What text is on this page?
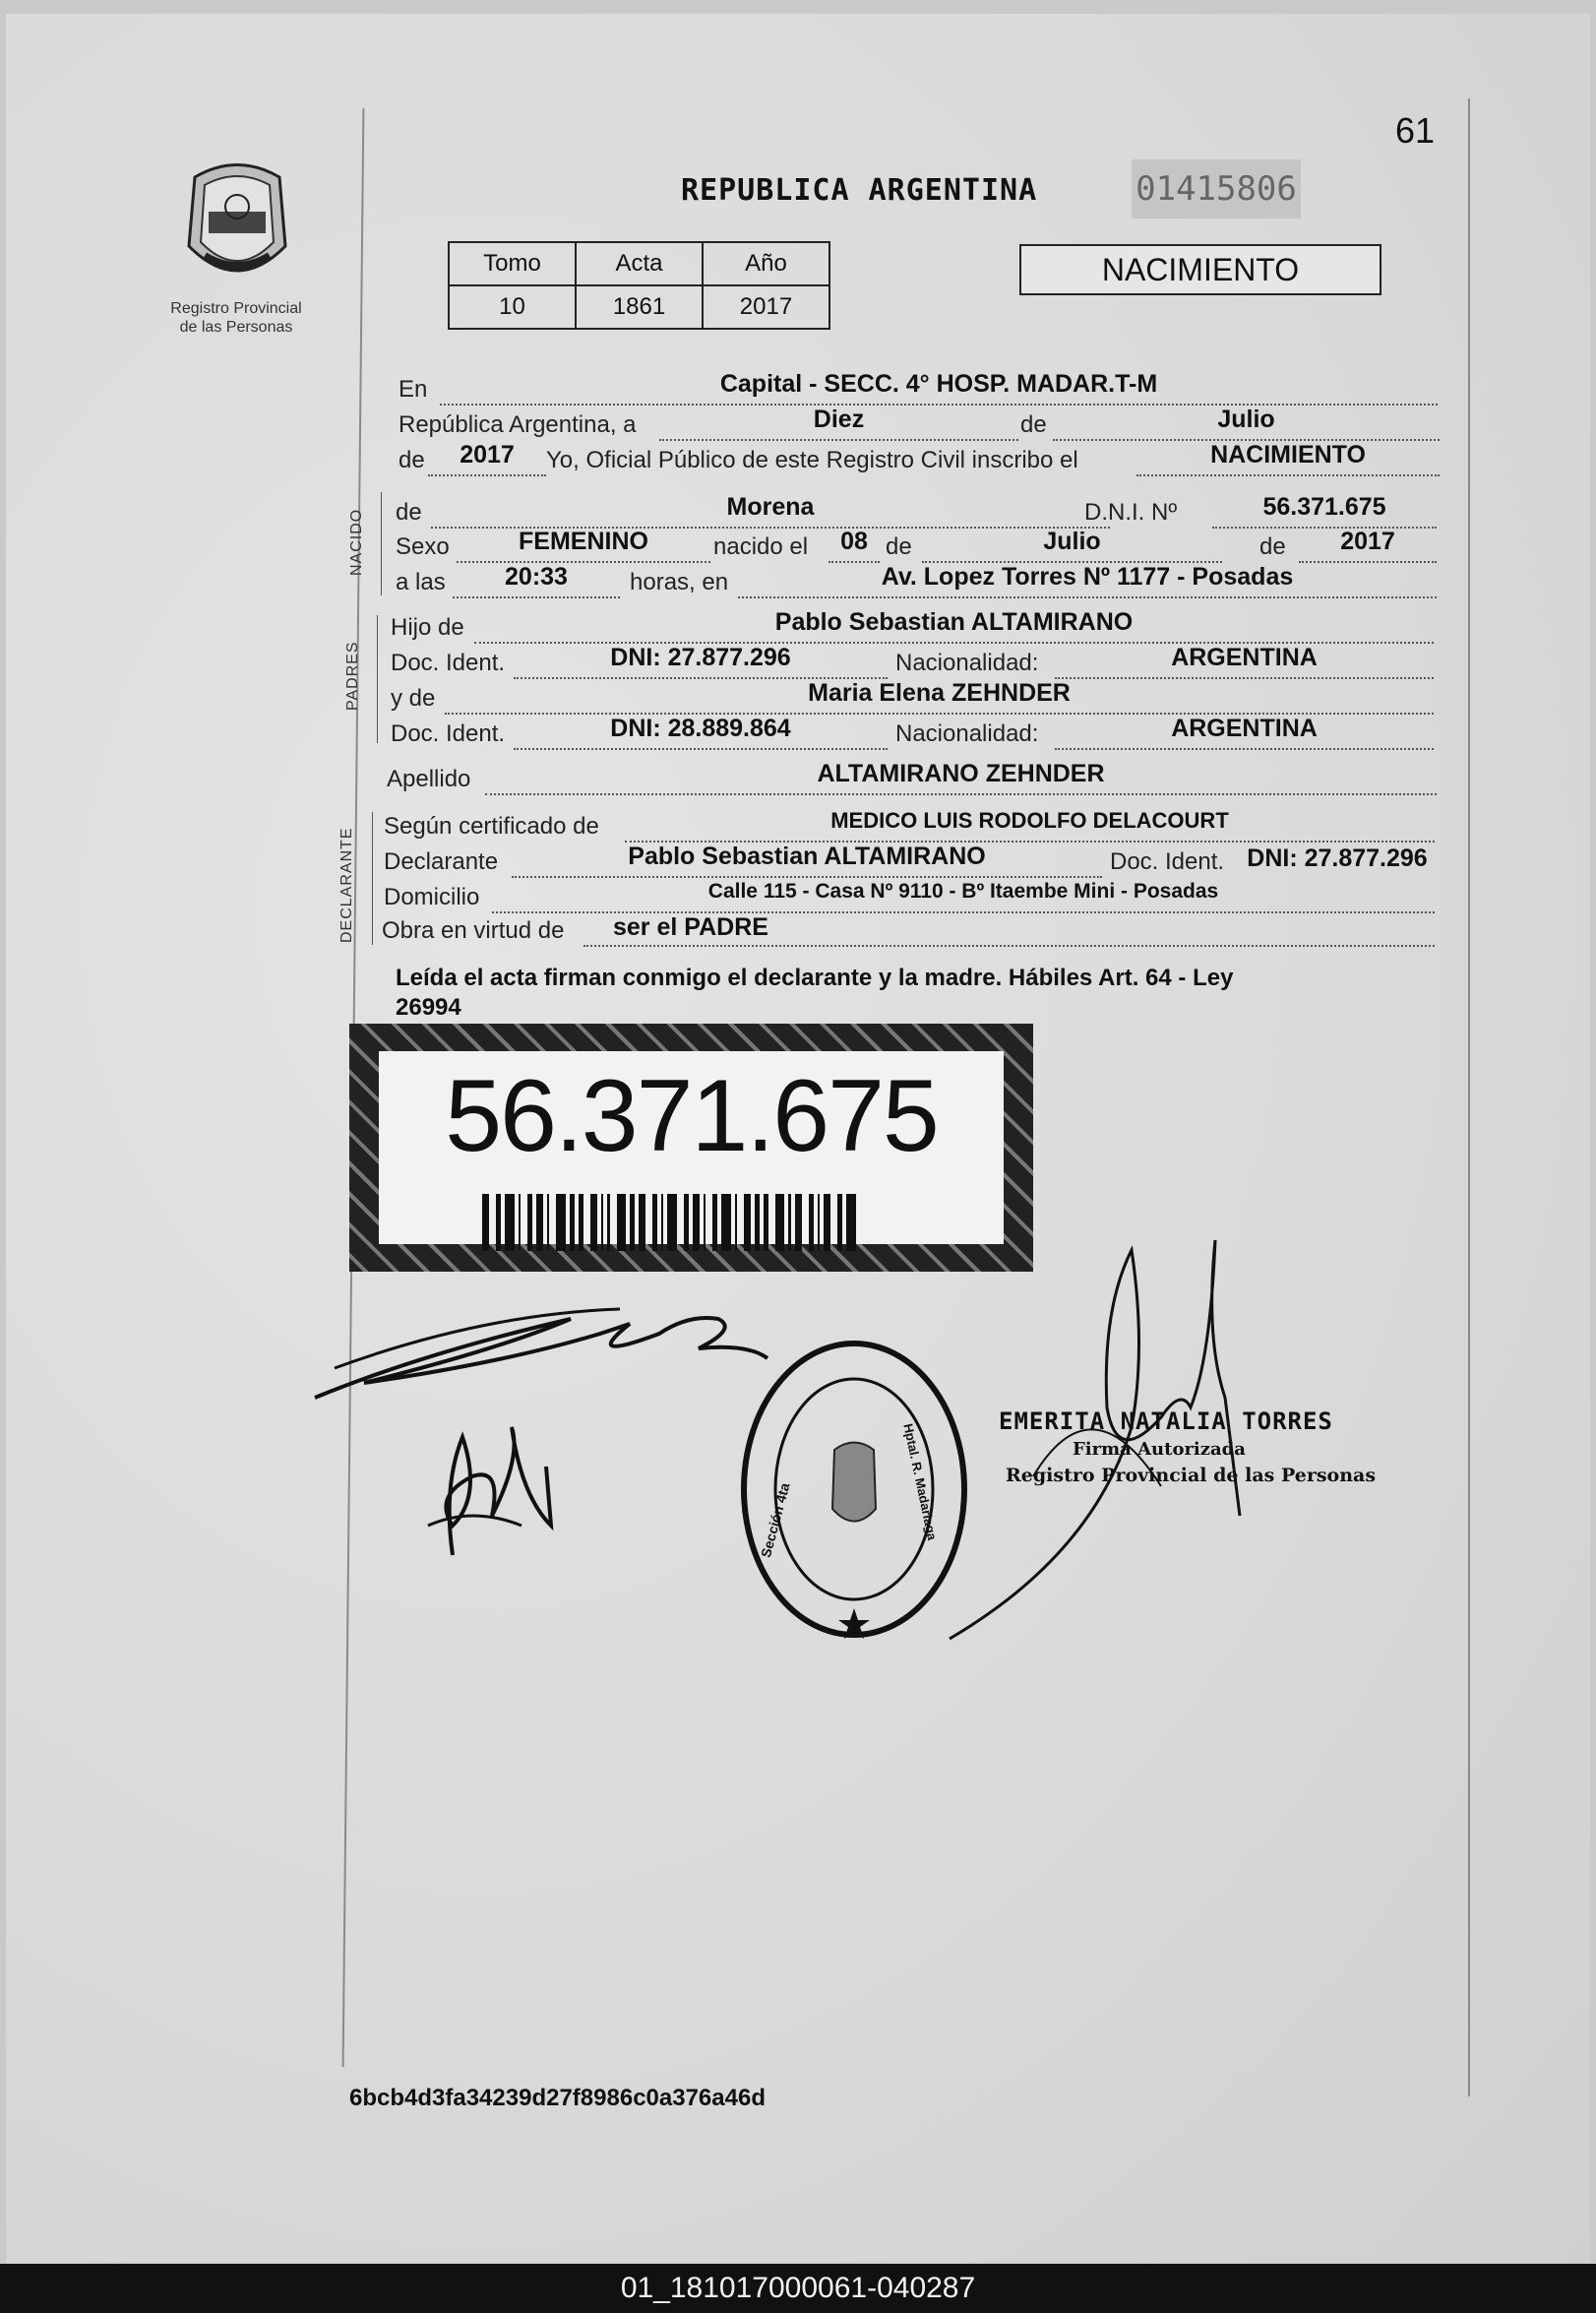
61
Registro Provincial
de las Personas
REPUBLICA ARGENTINA	01415806
Tomo	Acta	Año
10	1861	2017
NACIMIENTO
NACIDO
PADRES
DECLARANTE
En	Capital - SECC. 4° HOSP. MADAR.T-M
República Argentina, a	Diez	de	Julio
de	2017	Yo, Oficial Público de este Registro Civil inscribo el	NACIMIENTO
de	Morena	D.N.I. Nº	56.371.675
Sexo	FEMENINO	nacido el	08 de	Julio	de	2017
a las	20:33	horas, en	Av. Lopez Torres Nº 1177 - Posadas
Hijo de	Pablo Sebastian ALTAMIRANO
Doc. Ident.	DNI: 27.877.296	Nacionalidad:	ARGENTINA
y de	Maria Elena ZEHNDER
Doc. Ident.	DNI: 28.889.864	Nacionalidad:	ARGENTINA
Apellido	ALTAMIRANO ZEHNDER
Según certificado de	MEDICO LUIS RODOLFO DELACOURT
Declarante	Pablo Sebastian ALTAMIRANO	Doc. Ident. DNI: 27.877.296
Domicilio	Calle 115 - Casa Nº 9110 - Bº Itaembe Mini - Posadas
Obra en virtud de	ser el PADRE
Leída el acta firman conmigo el declarante y la madre. Hábiles Art. 64 - Ley
26994
56.371.675
Sección 4ta	Hptal. R. Madariaga
EMERITA NATALIA TORRES
Firma Autorizada
Registro Provincial de las Personas
6bcb4d3fa34239d27f8986c0a376a46d
01_181017000061-040287
